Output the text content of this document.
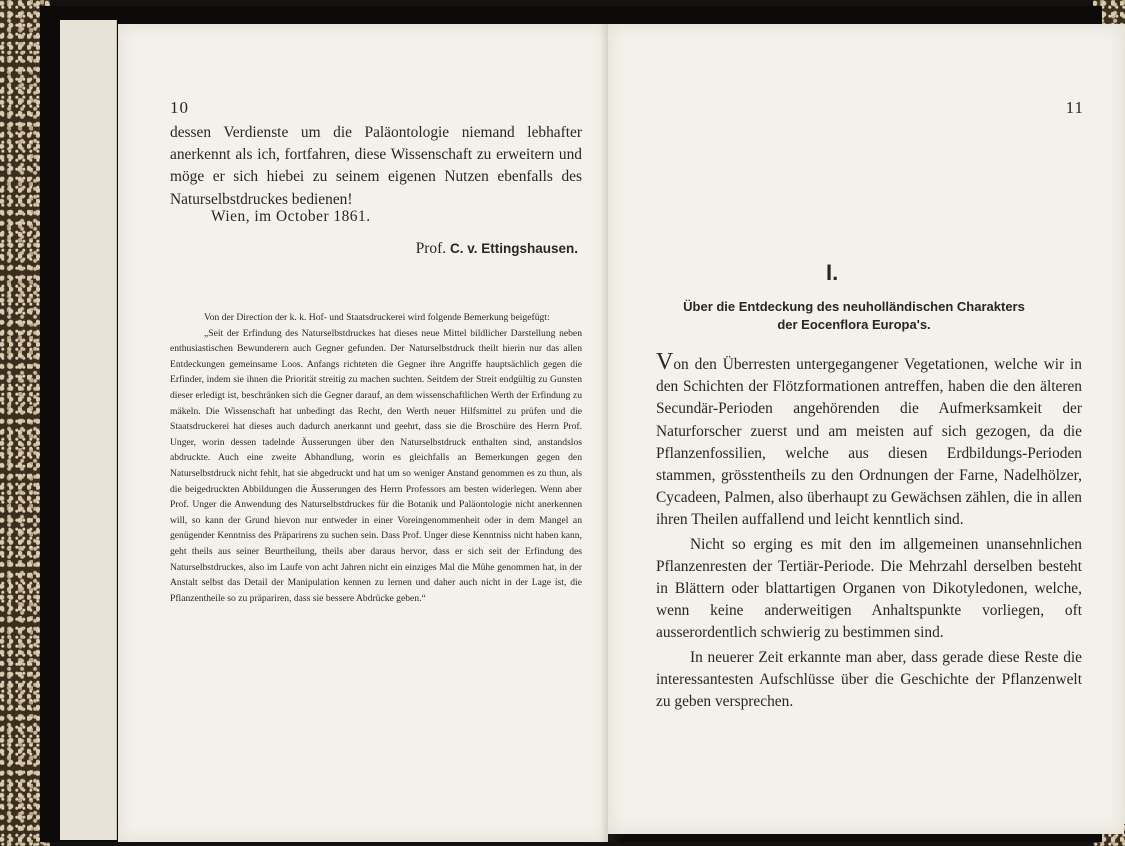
10

dessen Verdienste um die Paläontologie niemand lebhafter anerkennt als ich, fortfahren, diese Wissenschaft zu erweitern und möge er sich hiebei zu seinem eigenen Nutzen ebenfalls des Naturselbstdruckes bedienen!

Wien, im October 1861.
Prof. C. v. Ettingshausen.

Von der Direction der k. k. Hof- und Staatsdruckerei wird folgende Bemerkung beigefügt:

„Seit der Erfindung des Naturselbstdruckes hat dieses neue Mittel bildlicher Darstellung neben enthusiastischen Bewunderern auch Gegner gefunden. Der Naturselbstdruck theilt hierin nur das allen Entdeckungen gemeinsame Loos. Anfangs richteten die Gegner ihre Angriffe hauptsächlich gegen die Erfinder, indem sie ihnen die Priorität streitig zu machen suchten. Seitdem der Streit endgültig zu Gunsten dieser erledigt ist, beschränken sich die Gegner darauf, an dem wissenschaftlichen Werth der Erfindung zu mäkeln. Die Wissenschaft hat unbedingt das Recht, den Werth neuer Hilfsmittel zu prüfen und die Staatsdruckerei hat dieses auch dadurch anerkannt und geehrt, dass sie die Broschüre des Herrn Prof. Unger, worin dessen tadelnde Äusserungen über den Naturselbstdruck enthalten sind, anstandslos abdruckte. Auch eine zweite Abhandlung, worin es gleichfalls an Bemerkungen gegen den Naturselbstdruck nicht fehlt, hat sie abgedruckt und hat um so weniger Anstand genommen es zu thun, als die beigedruckten Abbildungen die Äusserungen des Herrn Professors am besten widerlegen. Wenn aber Prof. Unger die Anwendung des Naturselbstdruckes für die Botanik und Paläontologie nicht anerkennen will, so kann der Grund hievon nur entweder in einer Voreingenommenheit oder in dem Mangel an genügender Kenntniss des Präparirens zu suchen sein. Dass Prof. Unger diese Kenntniss nicht haben kann, geht theils aus seiner Beurtheilung, theils aber daraus hervor, dass er sich seit der Erfindung des Naturselbstdruckes, also im Laufe von acht Jahren nicht ein einziges Mal die Mühe genommen hat, in der Anstalt selbst das Detail der Manipulation kennen zu lernen und daher auch nicht in der Lage ist, die Pflanzentheile so zu präpariren, dass sie bessere Abdrücke geben.“

11
I.
Über die Entdeckung des neuholländischen Charakters
der Eocenflora Europa's.

Von den Überresten untergegangener Vegetationen, welche wir in den Schichten der Flötzformationen antreffen, haben die den älteren Secundär-Perioden angehörenden die Aufmerksamkeit der Naturforscher zuerst und am meisten auf sich gezogen, da die Pflanzenfossilien, welche aus diesen Erdbildungs-Perioden stammen, grösstentheils zu den Ordnungen der Farne, Nadelhölzer, Cycadeen, Palmen, also überhaupt zu Gewächsen zählen, die in allen ihren Theilen auffallend und leicht kenntlich sind.

Nicht so erging es mit den im allgemeinen unansehnlichen Pflanzenresten der Tertiär-Periode. Die Mehrzahl derselben besteht in Blättern oder blattartigen Organen von Dikotyledonen, welche, wenn keine anderweitigen Anhaltspunkte vorliegen, oft ausserordentlich schwierig zu bestimmen sind.

In neuerer Zeit erkannte man aber, dass gerade diese Reste die interessantesten Aufschlüsse über die Geschichte der Pflanzenwelt zu geben versprechen.
